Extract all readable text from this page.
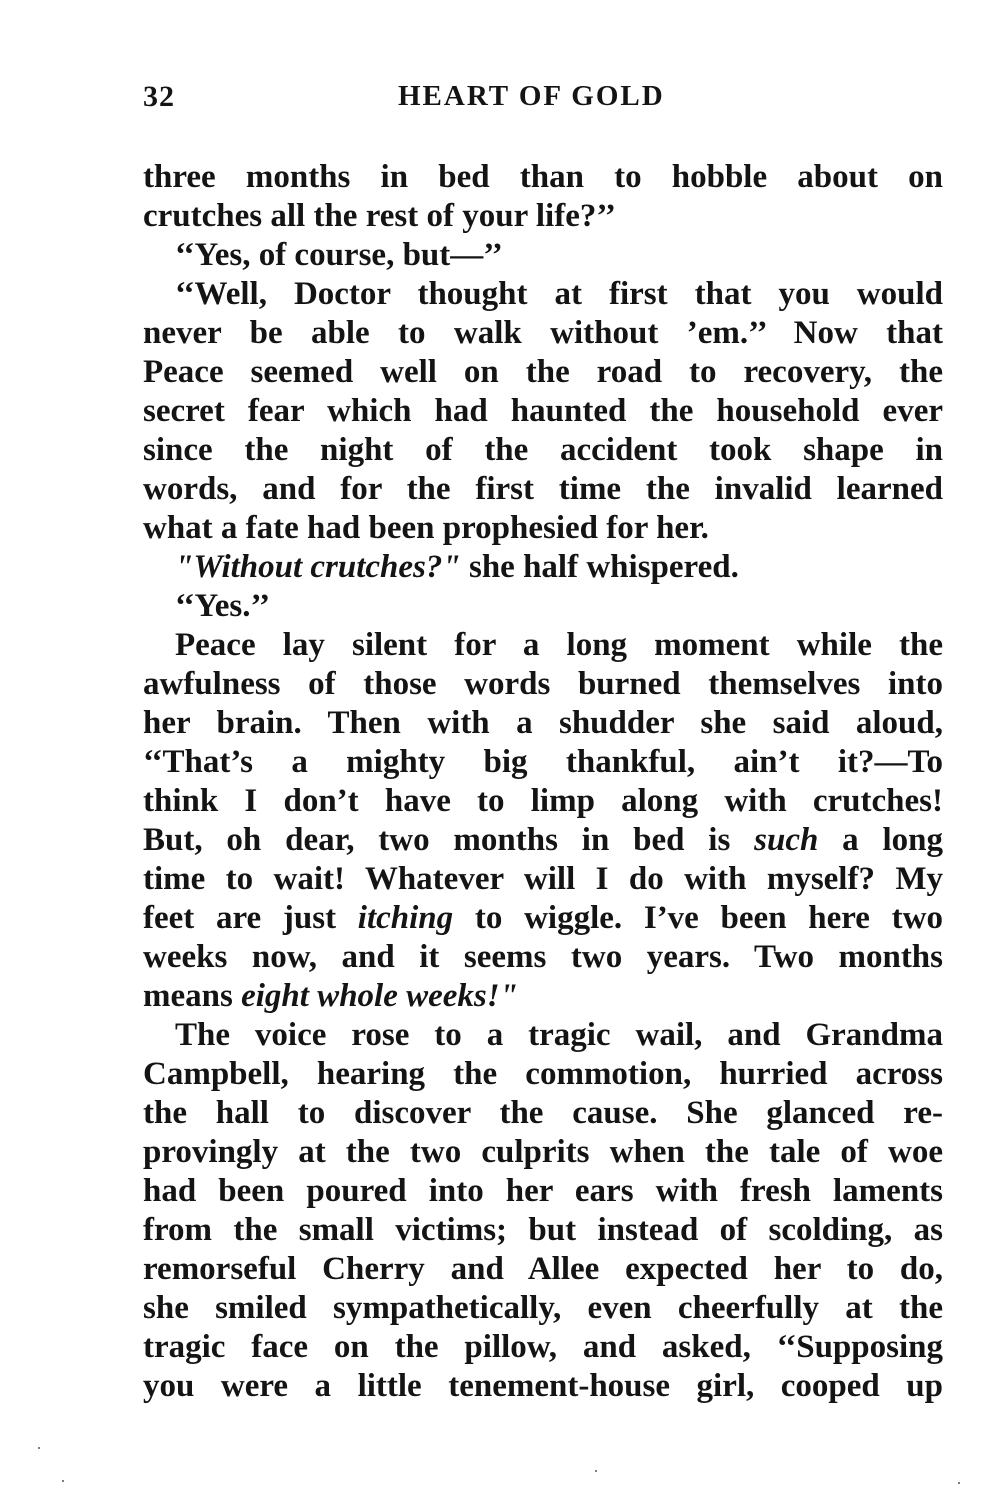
32	HEART OF GOLD
three months in bed than to hobble about on
crutches all the rest of your life?’’
‘‘Yes, of course, but—’’
‘‘Well, Doctor thought at first that you would
never be able to walk without ’em.’’ Now that
Peace seemed well on the road to recovery, the
secret fear which had haunted the household ever
since the night of the accident took shape in
words, and for the first time the invalid learned
what a fate had been prophesied for her.
"Without crutches?" she half whispered.
‘‘Yes.’’
Peace lay silent for a long moment while the
awfulness of those words burned themselves into
her brain. Then with a shudder she said aloud,
‘‘That’s a mighty big thankful, ain’t it?—To
think I don’t have to limp along with crutches!
But, oh dear, two months in bed is such a long
time to wait! Whatever will I do with myself? My
feet are just itching to wiggle. I’ve been here two
weeks now, and it seems two years. Two months
means eight whole weeks!"
The voice rose to a tragic wail, and Grandma
Campbell, hearing the commotion, hurried across
the hall to discover the cause. She glanced re-
provingly at the two culprits when the tale of woe
had been poured into her ears with fresh laments
from the small victims; but instead of scolding, as
remorseful Cherry and Allee expected her to do,
she smiled sympathetically, even cheerfully at the
tragic face on the pillow, and asked, ‘‘Supposing
you were a little tenement-house girl, cooped up
